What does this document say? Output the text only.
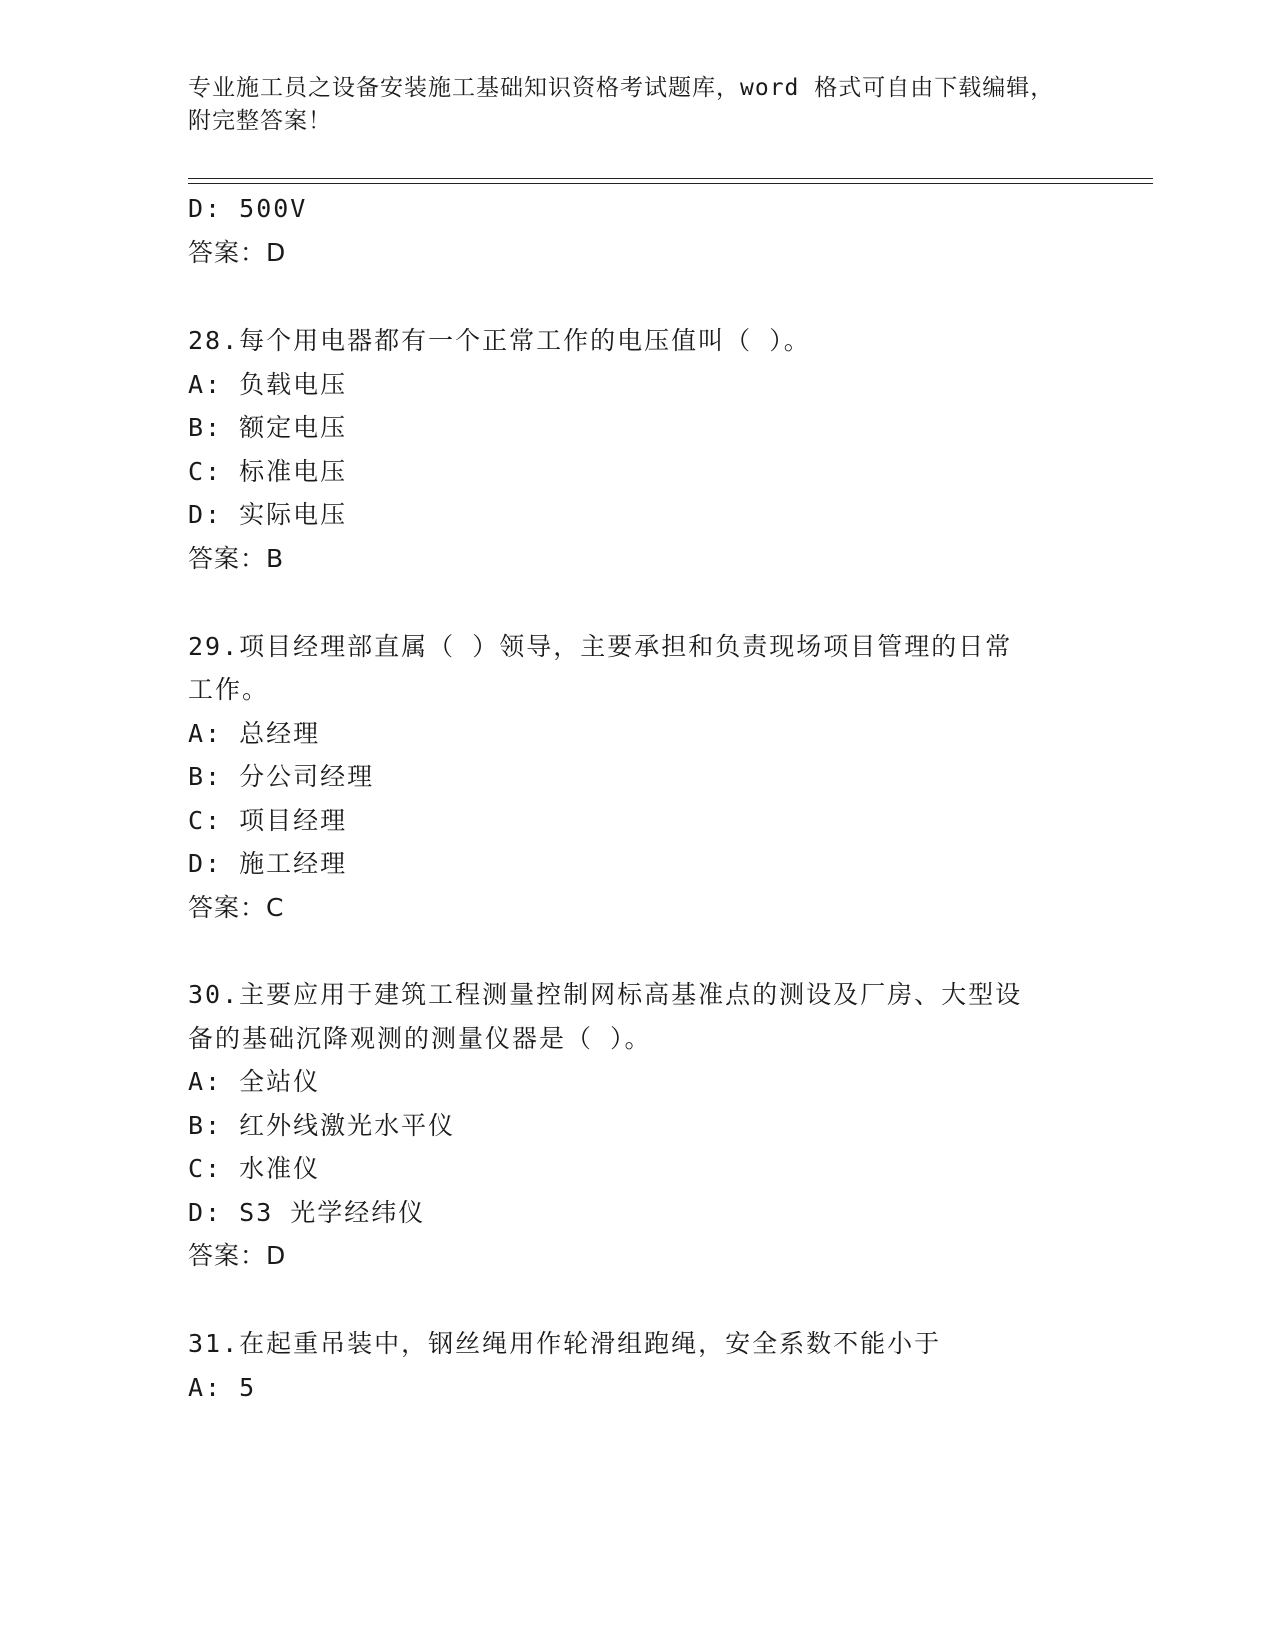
专业施工员之设备安装施工基础知识资格考试题库，word 格式可自由下载编辑，
附完整答案！
D: 500V
答案：D
28.每个用电器都有一个正常工作的电压值叫（ ）。
A: 负载电压
B: 额定电压
C: 标准电压
D: 实际电压
答案：B
29.项目经理部直属（ ）领导，主要承担和负责现场项目管理的日常
工作。
A: 总经理
B: 分公司经理
C: 项目经理
D: 施工经理
答案：C
30.主要应用于建筑工程测量控制网标高基准点的测设及厂房、大型设
备的基础沉降观测的测量仪器是（ ）。
A: 全站仪
B: 红外线激光水平仪
C: 水准仪
D: S3 光学经纬仪
答案：D
31.在起重吊装中，钢丝绳用作轮滑组跑绳，安全系数不能小于
A: 5
